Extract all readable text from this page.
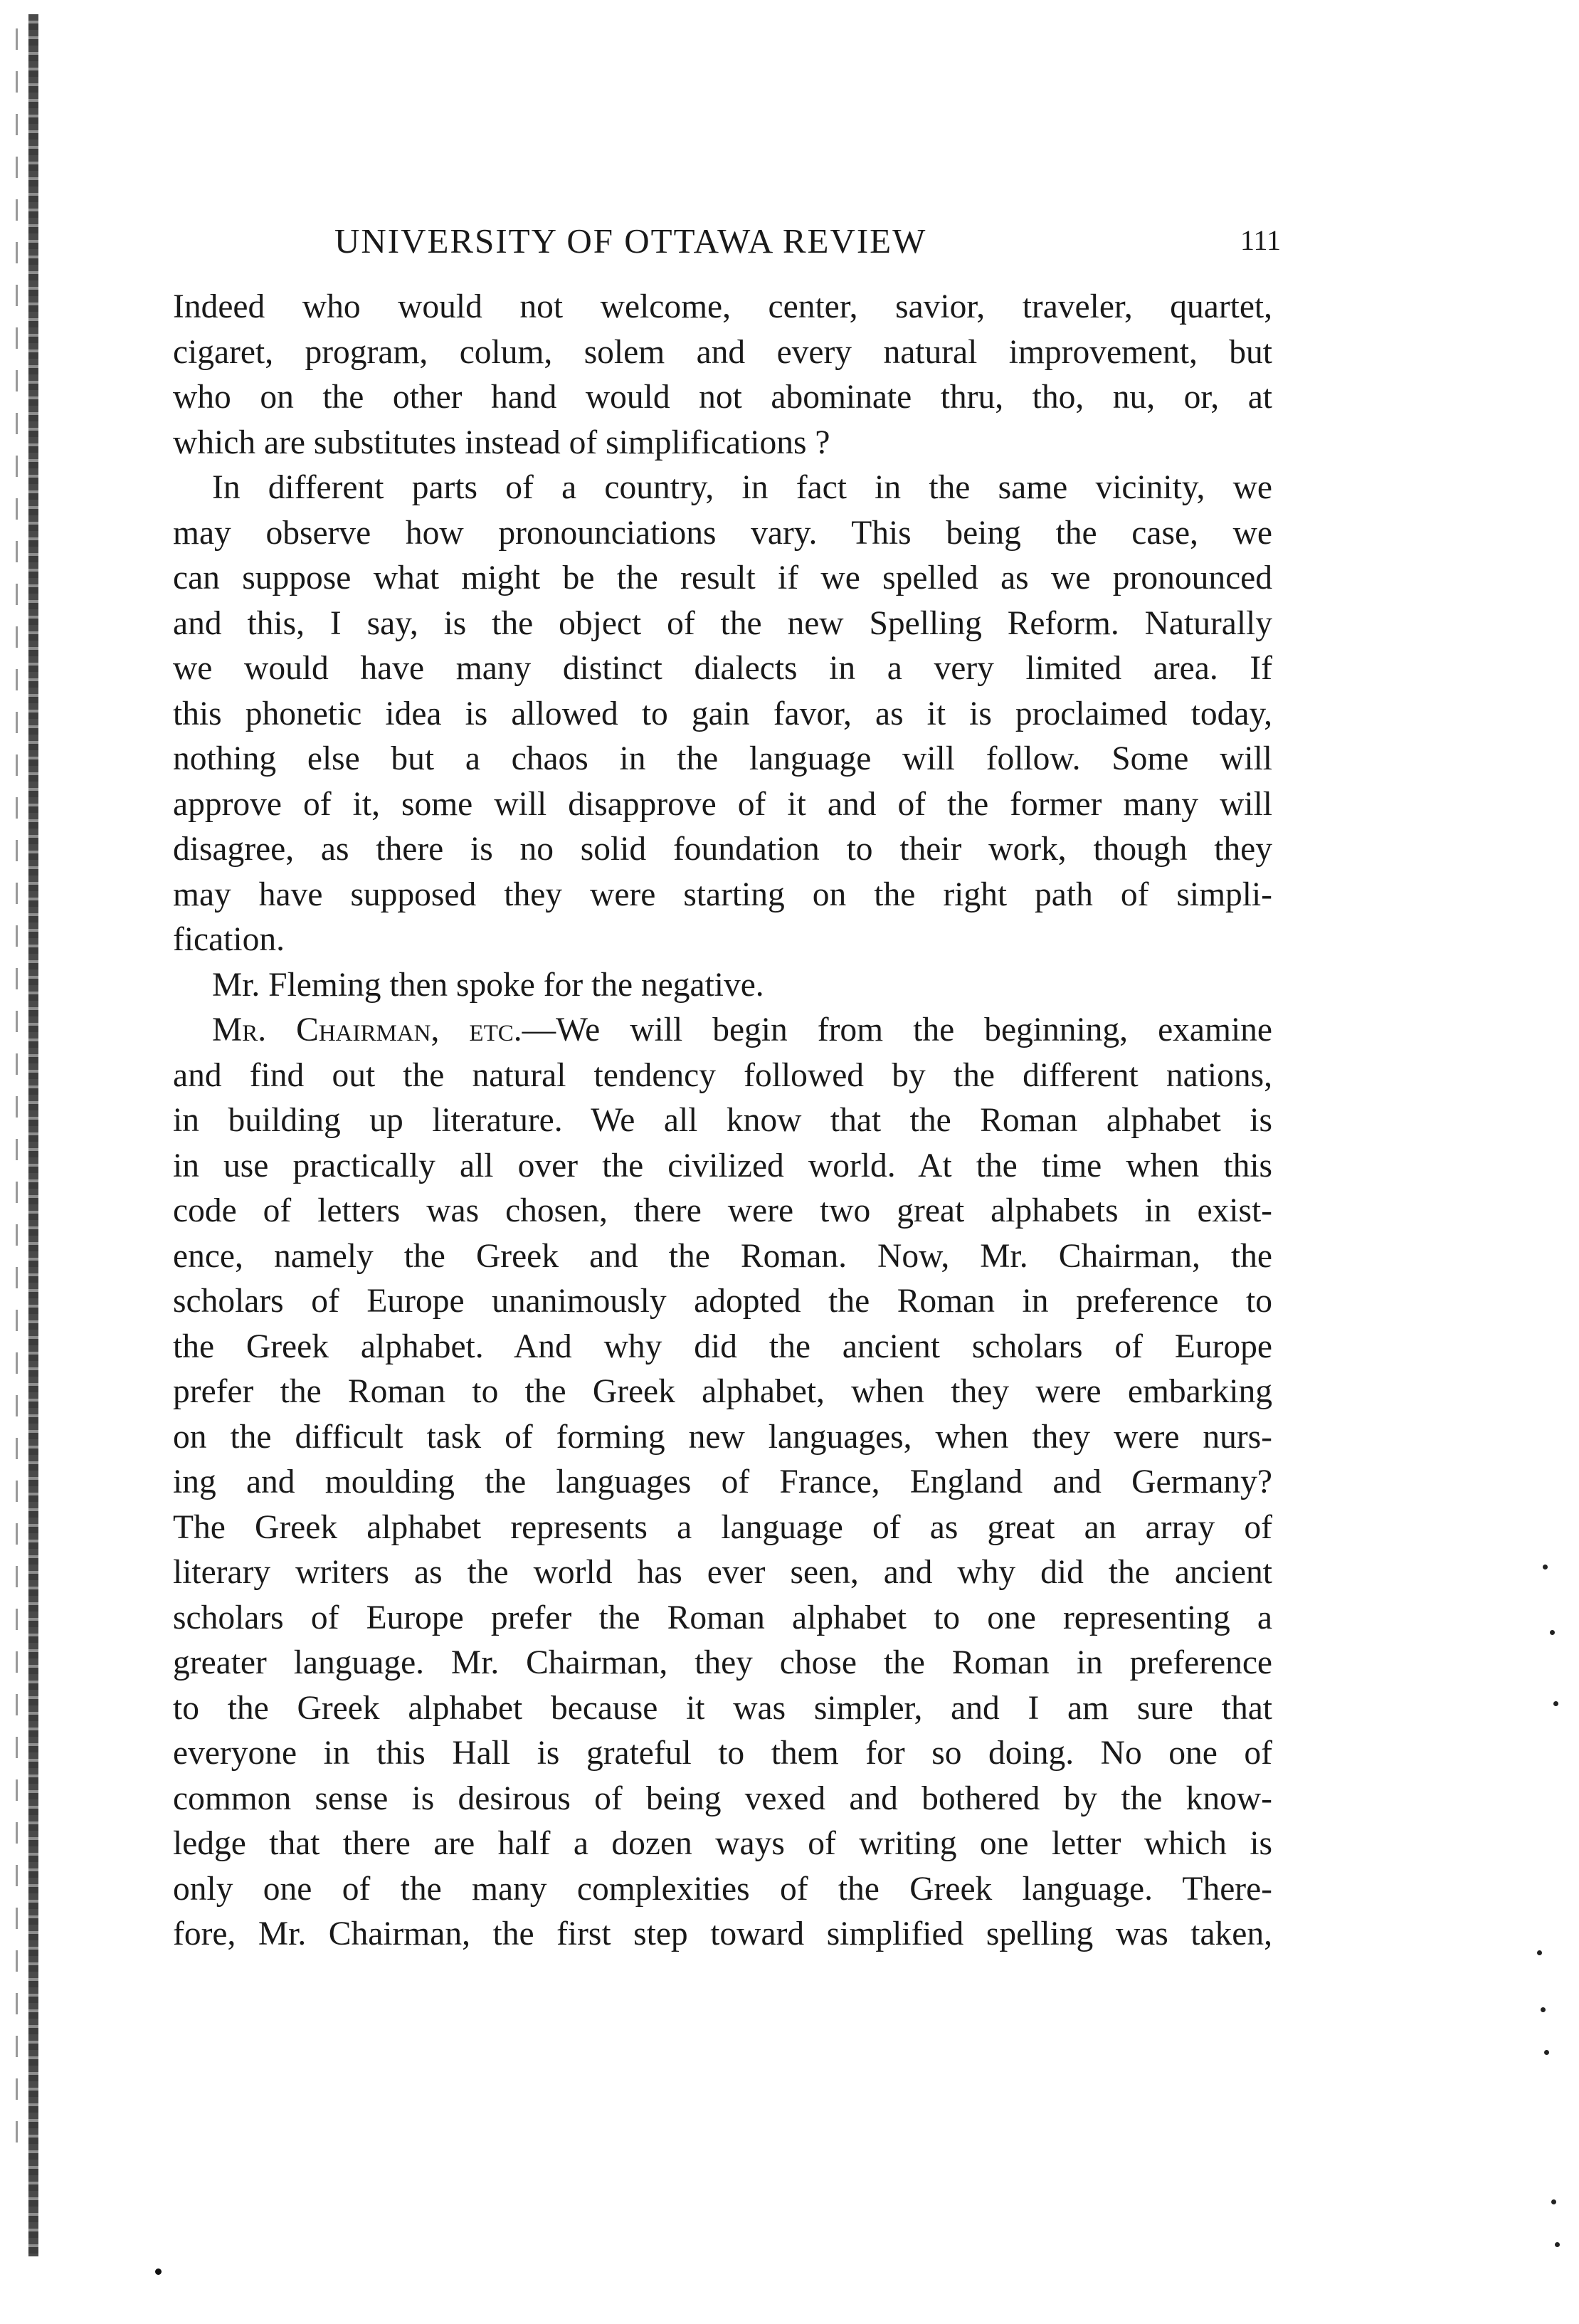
UNIVERSITY OF OTTAWA REVIEW	111
Indeed who would not welcome, center, savior, traveler, quartet,
cigaret, program, colum, solem and every natural improvement, but
who on the other hand would not abominate thru, tho, nu, or, at
which are substitutes instead of simplifications ?
In different parts of a country, in fact in the same vicinity, we
may observe how pronounciations vary. This being the case, we
can suppose what might be the result if we spelled as we pronounced
and this, I say, is the object of the new Spelling Reform. Naturally
we would have many distinct dialects in a very limited area. If
this phonetic idea is allowed to gain favor, as it is proclaimed today,
nothing else but a chaos in the language will follow. Some will
approve of it, some will disapprove of it and of the former many will
disagree, as there is no solid foundation to their work, though they
may have supposed they were starting on the right path of simpli-
fication.
Mr. Fleming then spoke for the negative.
Mr. Chairman, etc.—We will begin from the beginning, examine
and find out the natural tendency followed by the different nations,
in building up literature. We all know that the Roman alphabet is
in use practically all over the civilized world. At the time when this
code of letters was chosen, there were two great alphabets in exist-
ence, namely the Greek and the Roman. Now, Mr. Chairman, the
scholars of Europe unanimously adopted the Roman in preference to
the Greek alphabet. And why did the ancient scholars of Europe
prefer the Roman to the Greek alphabet, when they were embarking
on the difficult task of forming new languages, when they were nurs-
ing and moulding the languages of France, England and Germany?
The Greek alphabet represents a language of as great an array of
literary writers as the world has ever seen, and why did the ancient
scholars of Europe prefer the Roman alphabet to one representing a
greater language. Mr. Chairman, they chose the Roman in preference
to the Greek alphabet because it was simpler, and I am sure that
everyone in this Hall is grateful to them for so doing. No one of
common sense is desirous of being vexed and bothered by the know-
ledge that there are half a dozen ways of writing one letter which is
only one of the many complexities of the Greek language. There-
fore, Mr. Chairman, the first step toward simplified spelling was taken,
